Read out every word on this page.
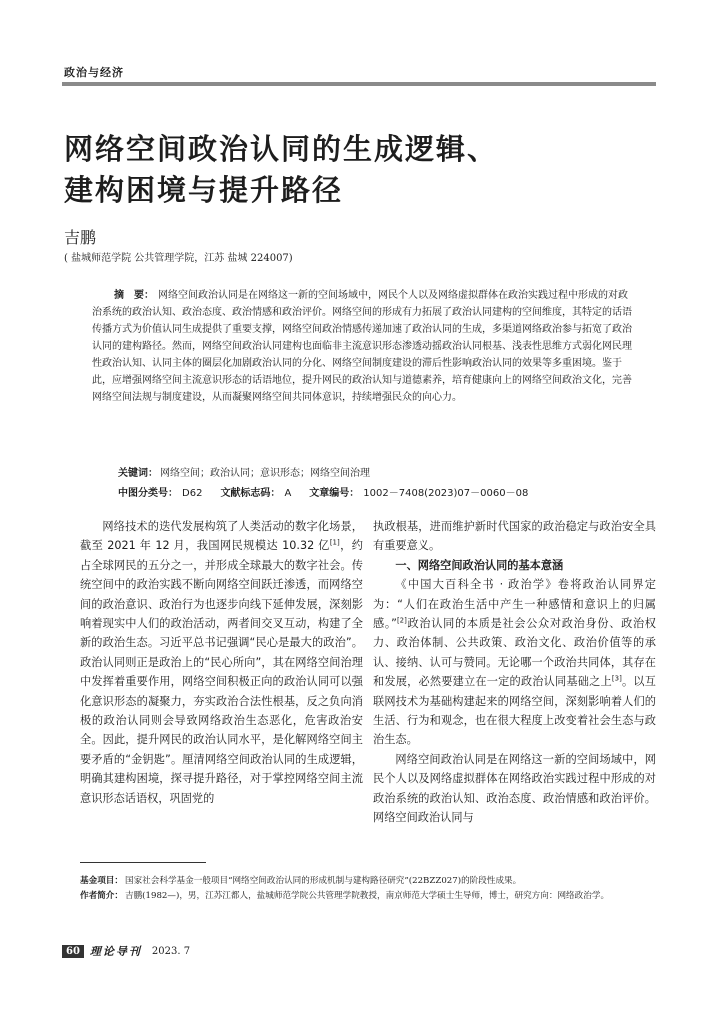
政治与经济
网络空间政治认同的生成逻辑、
建构困境与提升路径
吉鹏
( 盐城师范学院 公共管理学院，江苏 盐城 224007)
摘　要： 网络空间政治认同是在网络这一新的空间场域中，网民个人以及网络虚拟群体在政治实践过程中形成的对政治系统的政治认知、政治态度、政治情感和政治评价。网络空间的形成有力拓展了政治认同建构的空间维度，其特定的话语传播方式为价值认同生成提供了重要支撑，网络空间政治情感传递加速了政治认同的生成，多渠道网络政治参与拓宽了政治认同的建构路径。然而，网络空间政治认同建构也面临非主流意识形态渗透动摇政治认同根基、浅表性思维方式弱化网民理性政治认知、认同主体的圈层化加剧政治认同的分化、网络空间制度建设的滞后性影响政治认同的效果等多重困境。鉴于此，应增强网络空间主流意识形态的话语地位，提升网民的政治认知与道德素养，培育健康向上的网络空间政治文化，完善网络空间法规与制度建设，从而凝聚网络空间共同体意识，持续增强民众的向心力。
关键词： 网络空间；政治认同；意识形态；网络空间治理
中图分类号： D62 文献标志码： A 文章编号： 1002－7408(2023)07－0060－08

网络技术的迭代发展构筑了人类活动的数字化场景，截至 2021 年 12 月，我国网民规模达 10.32 亿[1]，约占全球网民的五分之一，并形成全球最大的数字社会。传统空间中的政治实践不断向网络空间跃迁渗透，而网络空间的政治意识、政治行为也逐步向线下延伸发展，深刻影响着现实中人们的政治活动，两者间交叉互动，构建了全新的政治生态。习近平总书记强调“民心是最大的政治”。政治认同则正是政治上的“民心所向”，其在网络空间治理中发挥着重要作用，网络空间积极正向的政治认同可以强化意识形态的凝聚力，夯实政治合法性根基，反之负向消极的政治认同则会导致网络政治生态恶化，危害政治安全。因此，提升网民的政治认同水平，是化解网络空间主要矛盾的“金钥匙”。厘清网络空间政治认同的生成逻辑，明确其建构困境，探寻提升路径，对于掌控网络空间主流意识形态话语权，巩固党的

执政根基，进而维护新时代国家的政治稳定与政治安全具有重要意义。

一、网络空间政治认同的基本意涵

《中国大百科全书 · 政治学》卷将政治认同界定为：“人们在政治生活中产生一种感情和意识上的归属感。”[2]政治认同的本质是社会公众对政治身份、政治权力、政治体制、公共政策、政治文化、政治价值等的承认、接纳、认可与赞同。无论哪一个政治共同体，其存在和发展，必然要建立在一定的政治认同基础之上[3]。以互联网技术为基础构建起来的网络空间，深刻影响着人们的生活、行为和观念，也在很大程度上改变着社会生态与政治生态。

网络空间政治认同是在网络这一新的空间场域中，网民个人以及网络虚拟群体在网络政治实践过程中形成的对政治系统的政治认知、政治态度、政治情感和政治评价。网络空间政治认同与

基金项目： 国家社会科学基金一般项目“网络空间政治认同的形成机制与建构路径研究”(22BZZ027)的阶段性成果。
作者简介： 吉鹏(1982—)，男，江苏江都人，盐城师范学院公共管理学院教授，南京师范大学硕士生导师，博士，研究方向：网络政治学。
60 理论导刊 2023. 7
